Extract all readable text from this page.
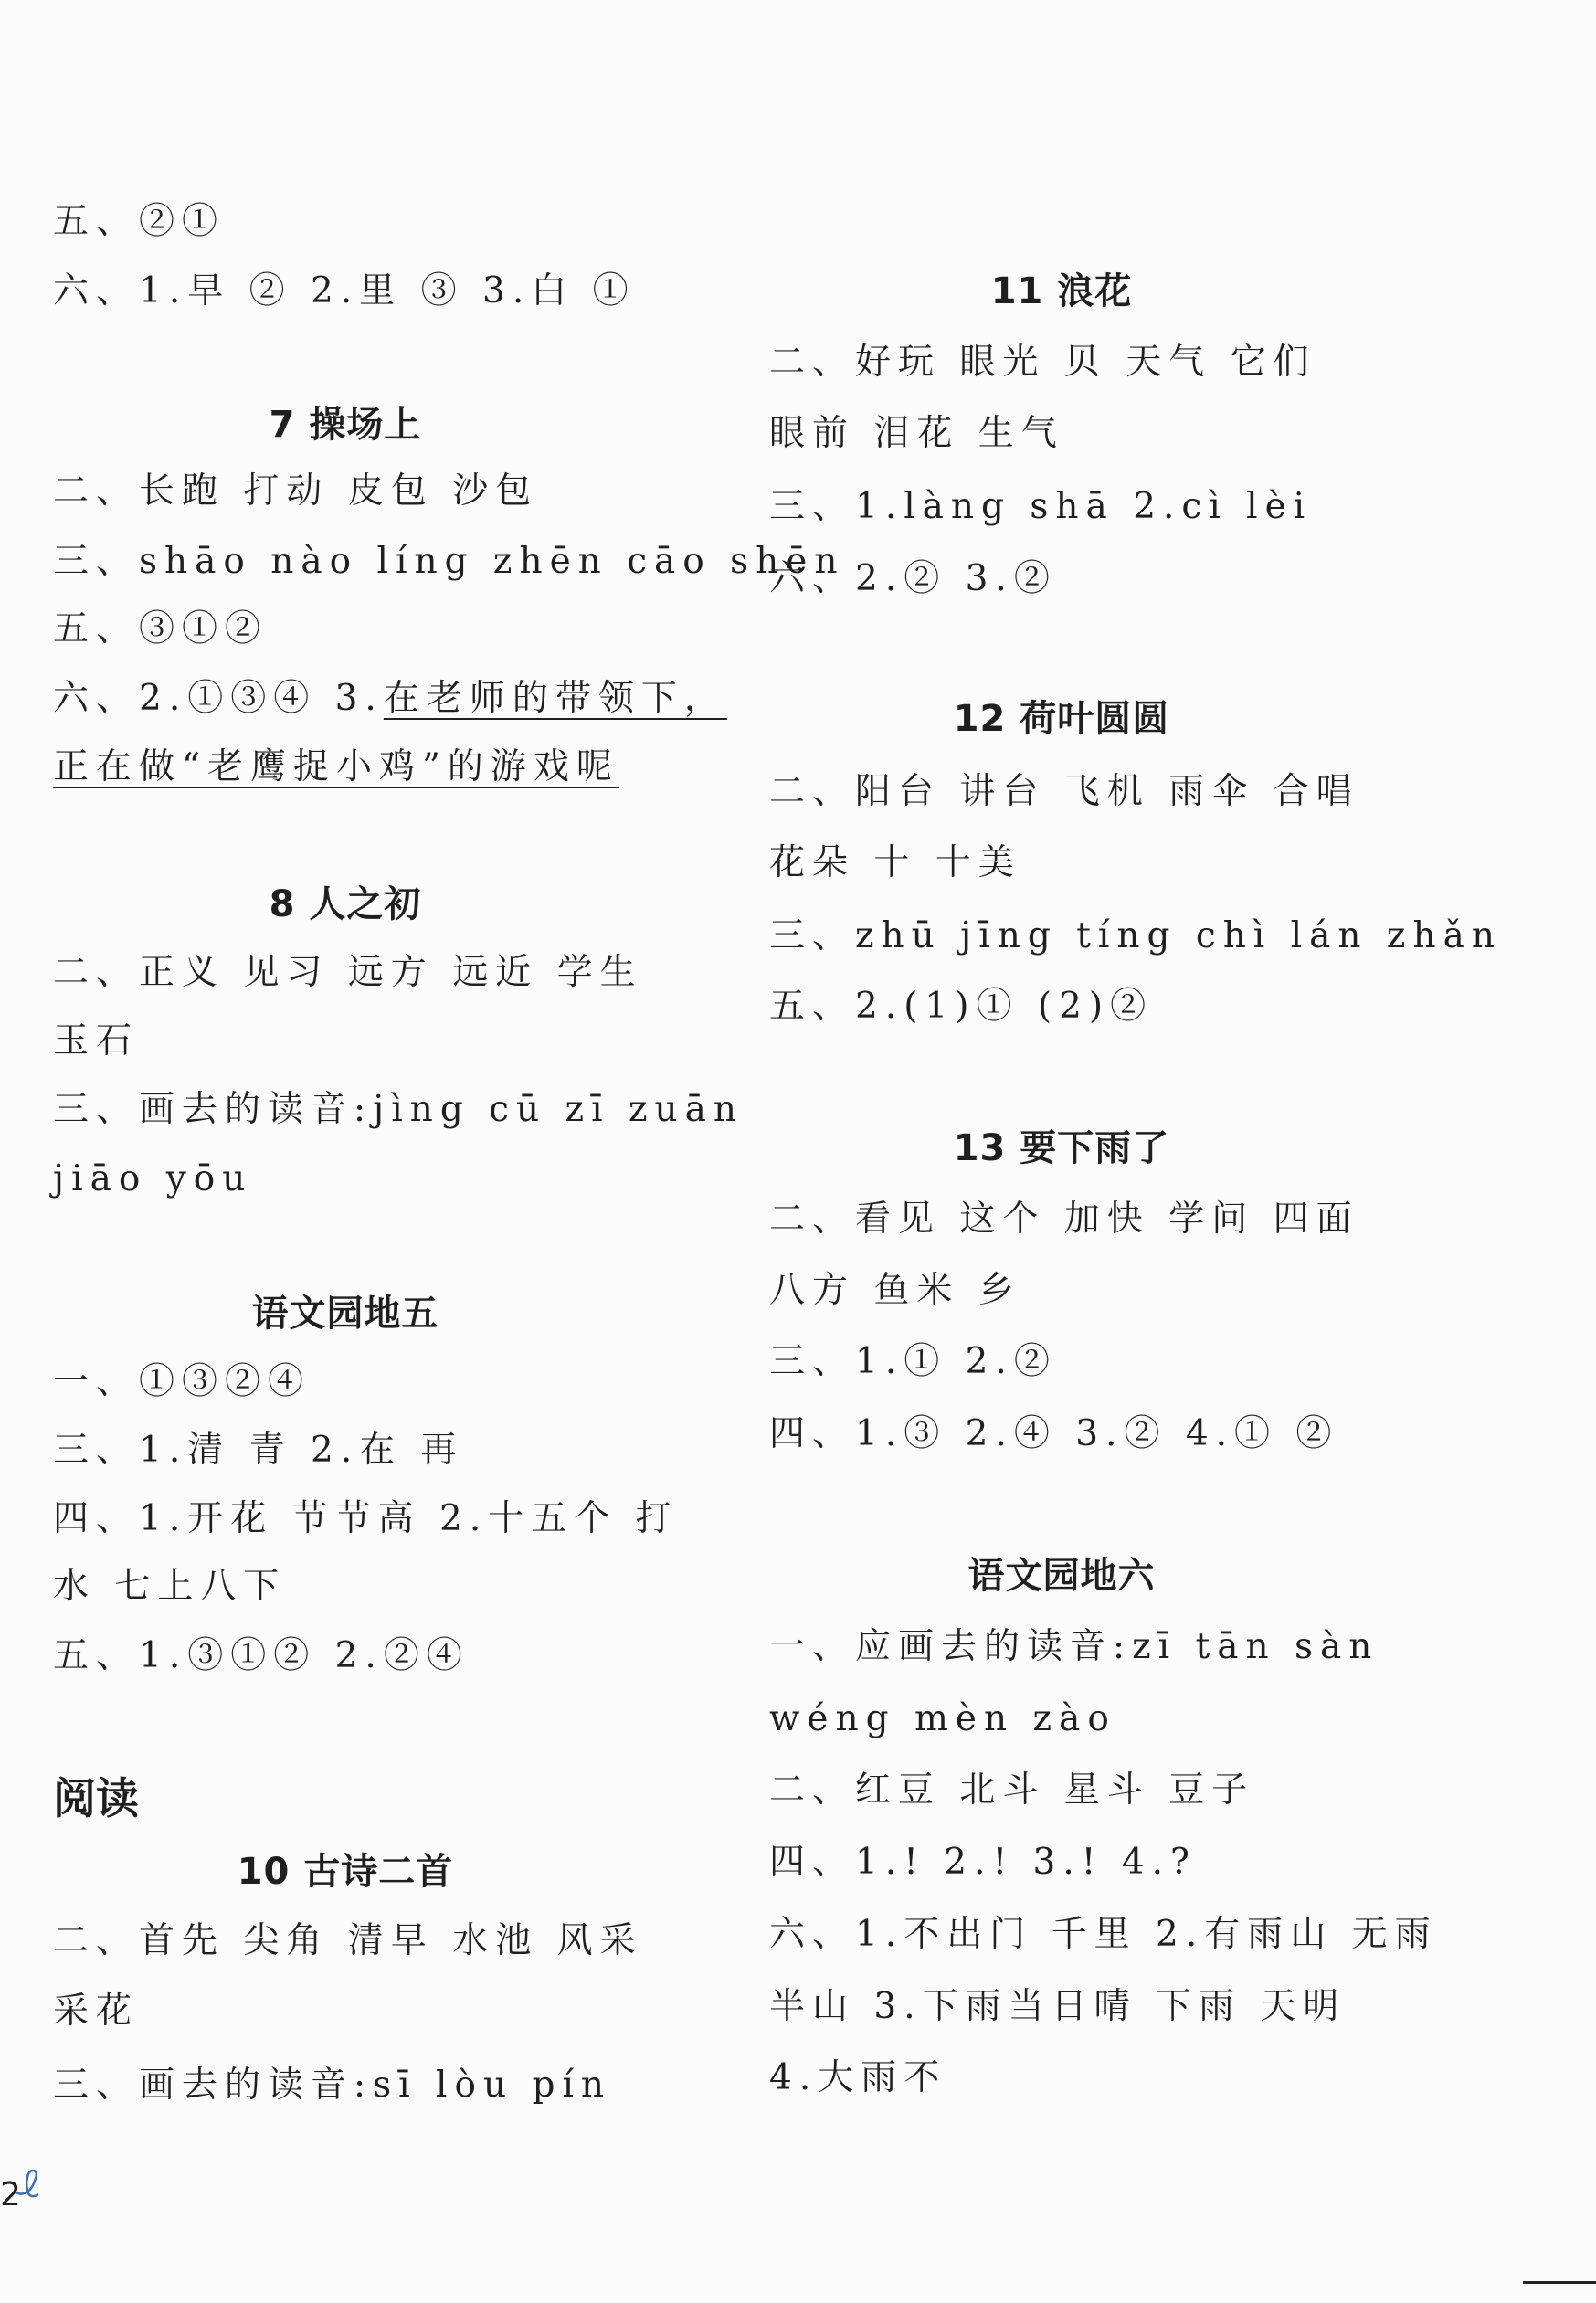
五、②①
六、1.早 ② 2.里 ③ 3.白 ①
7 操场上
二、长跑 打动 皮包 沙包
三、shāo nào líng zhēn cāo shēn
五、③①②
六、2.①③④ 3.在老师的带领下，
正在做“老鹰捉小鸡”的游戏呢
8 人之初
二、正义 见习 远方 远近 学生
玉石
三、画去的读音:jìng cū zī zuān
jiāo yōu
语文园地五
一、①③②④
三、1.清 青 2.在 再
四、1.开花 节节高 2.十五个 打
水 七上八下
五、1.③①② 2.②④
阅读
10 古诗二首
二、首先 尖角 清早 水池 风采
采花
三、画去的读音:sī lòu pín
11 浪花
二、好玩 眼光 贝 天气 它们
眼前 泪花 生气
三、1.làng shā 2.cì lèi
六、2.② 3.②
12 荷叶圆圆
二、阳台 讲台 飞机 雨伞 合唱
花朵 十 十美
三、zhū jīng tíng chì lán zhǎn
五、2.(1)① (2)②
13 要下雨了
二、看见 这个 加快 学问 四面
八方 鱼米 乡
三、1.① 2.②
四、1.③ 2.④ 3.② 4.① ②
语文园地六
一、应画去的读音:zī tān sàn
wéng mèn zào
二、红豆 北斗 星斗 豆子
四、1.! 2.! 3.! 4.?
六、1.不出门 千里 2.有雨山 无雨
半山 3.下雨当日晴 下雨 天明
4.大雨不
2
